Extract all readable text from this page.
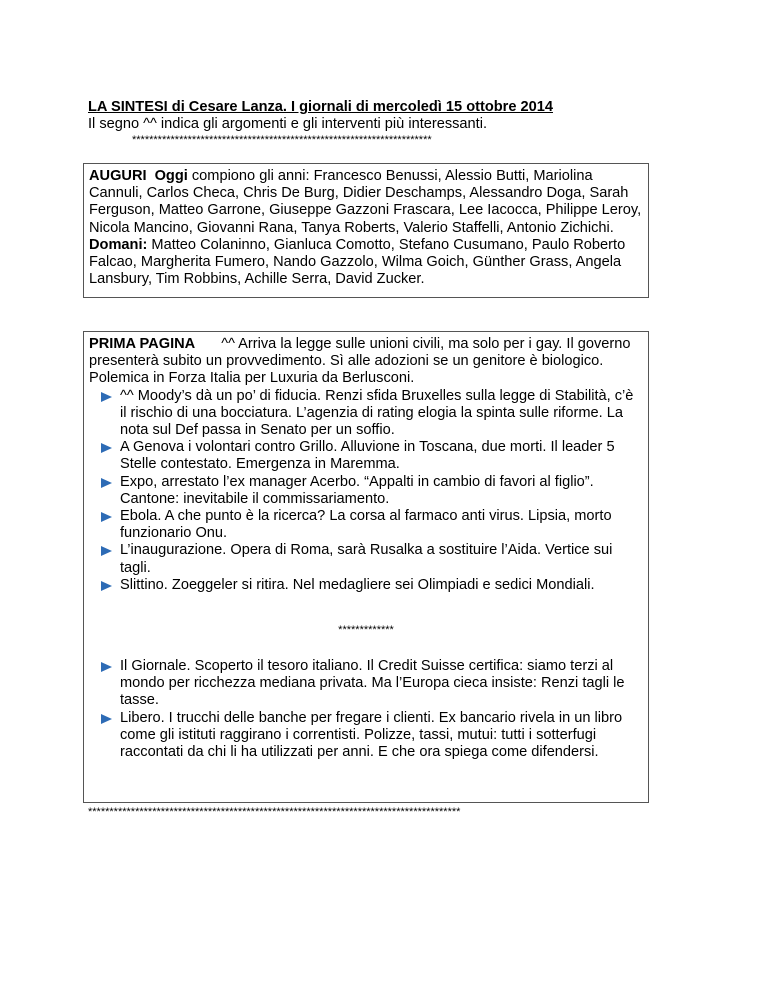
LA SINTESI di Cesare Lanza. I giornali di mercoledì 15 ottobre 2014
Il segno ^^ indica gli argomenti e gli interventi più interessanti.
**********************************************************************
AUGURI Oggi compiono gli anni: Francesco Benussi, Alessio Butti, Mariolina Cannuli, Carlos Checa, Chris De Burg, Didier Deschamps, Alessandro Doga, Sarah Ferguson, Matteo Garrone, Giuseppe Gazzoni Frascara, Lee Iacocca, Philippe Leroy, Nicola Mancino, Giovanni Rana, Tanya Roberts, Valerio Staffelli, Antonio Zichichi.
Domani: Matteo Colaninno, Gianluca Comotto, Stefano Cusumano, Paulo Roberto Falcao, Margherita Fumero, Nando Gazzolo, Wilma Goich, Günther Grass, Angela Lansbury, Tim Robbins, Achille Serra, David Zucker.
PRIMA PAGINA ^^ Arriva la legge sulle unioni civili, ma solo per i gay. Il governo presenterà subito un provvedimento. Sì alle adozioni se un genitore è biologico. Polemica in Forza Italia per Luxuria da Berlusconi.
^^ Moody’s dà un po’ di fiducia. Renzi sfida Bruxelles sulla legge di Stabilità, c’è il rischio di una bocciatura. L’agenzia di rating elogia la spinta sulle riforme. La nota sul Def passa in Senato per un soffio.
A Genova i volontari contro Grillo. Alluvione in Toscana, due morti. Il leader 5 Stelle contestato. Emergenza in Maremma.
Expo, arrestato l’ex manager Acerbo. “Appalti in cambio di favori al figlio”. Cantone: inevitabile il commissariamento.
Ebola. A che punto è la ricerca? La corsa al farmaco anti virus. Lipsia, morto funzionario Onu.
L’inaugurazione. Opera di Roma, sarà Rusalka a sostituire l’Aida. Vertice sui tagli.
Slittino. Zoeggeler si ritira. Nel medagliere sei Olimpiadi e sedici Mondiali.
*************
Il Giornale. Scoperto il tesoro italiano. Il Credit Suisse certifica: siamo terzi al mondo per ricchezza mediana privata. Ma l’Europa cieca insiste: Renzi tagli le tasse.
Libero. I trucchi delle banche per fregare i clienti. Ex bancario rivela in un libro come gli istituti raggirano i correntisti. Polizze, tassi, mutui: tutti i sotterfugi raccontati da chi li ha utilizzati per anni. E che ora spiega come difendersi.
***************************************************************************************
